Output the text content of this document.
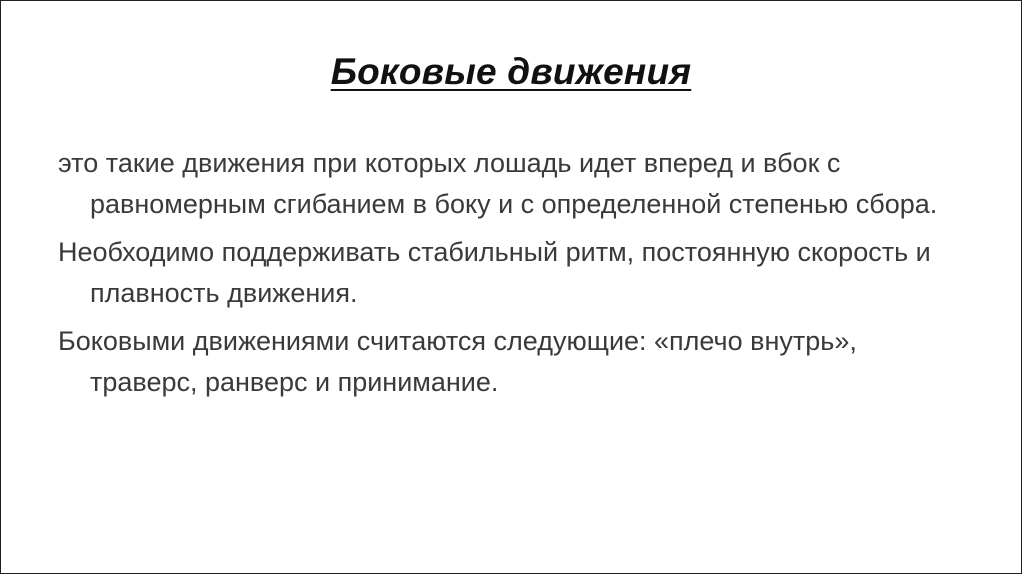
Боковые движения

это такие движения при которых лошадь идет вперед и вбок с равномерным сгибанием в боку и с определенной степенью сбора.

Необходимо поддерживать стабильный ритм, постоянную скорость и плавность движения.

Боковыми движениями считаются следующие: «плечо внутрь», траверс, ранверс и принимание.
